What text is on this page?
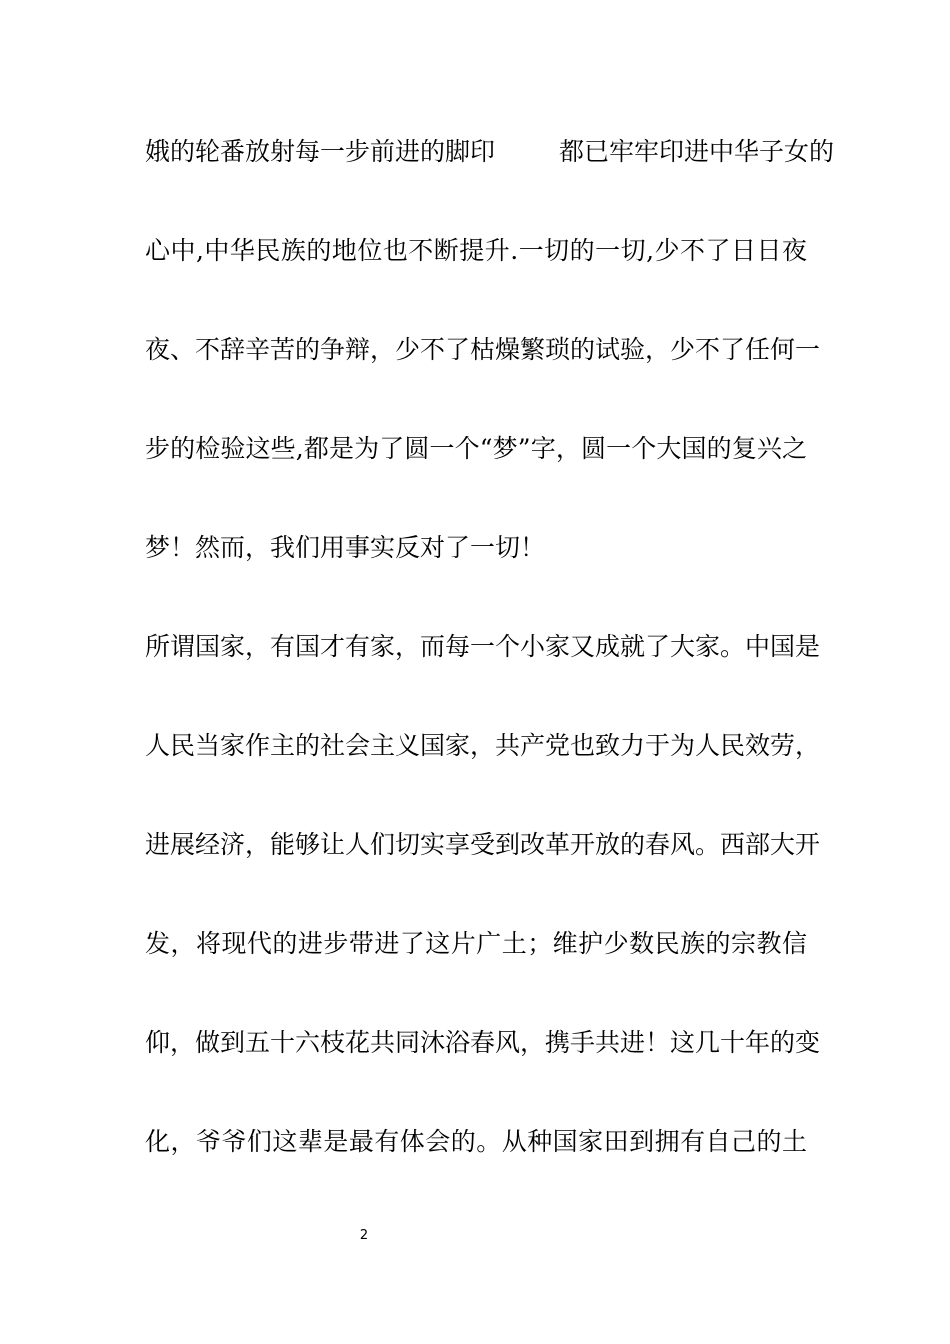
娥的轮番放射每一步前进的脚印	都已牢牢印进中华子女的
心中,中华民族的地位也不断提升.一切的一切,少不了日日夜
夜、不辞辛苦的争辩，少不了枯燥繁琐的试验，少不了任何一
步的检验这些,都是为了圆一个“梦”字，圆一个大国的复兴之
梦！然而，我们用事实反对了一切！
所谓国家，有国才有家，而每一个小家又成就了大家。中国是
人民当家作主的社会主义国家，共产党也致力于为人民效劳，
进展经济，能够让人们切实享受到改革开放的春风。西部大开
发，将现代的进步带进了这片广土；维护少数民族的宗教信
仰，做到五十六枝花共同沐浴春风，携手共进！这几十年的变
化，爷爷们这辈是最有体会的。从种国家田到拥有自己的土
2
